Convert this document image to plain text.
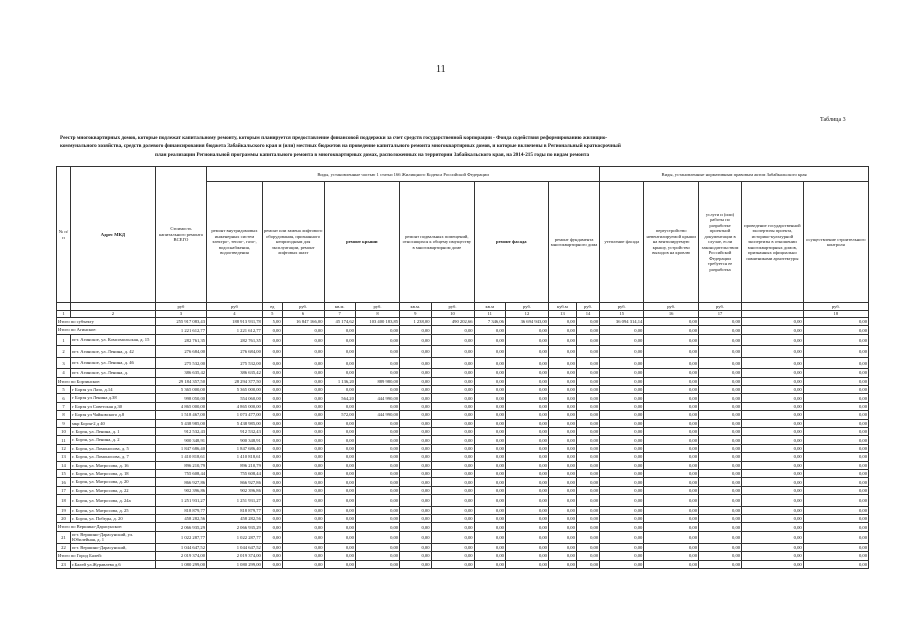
11
Таблица 3
Реестр многоквартирных домов, которые подлежат капитальному ремонту, которым планируется предоставление финансовой поддержки за счет средств государственной корпорации - Фонда содействия реформированию жилищно-
коммунального хозяйства, средств долевого финансирования бюджета Забайкальского края и (или) местных бюджетов на проведение капитального ремонта многоквартирных домов, и которые включены в Региональный краткосрочный
план реализации Региональной программы капитального ремонта в многоквартирных домах, расположенных на территории Забайкальского края, на 2014-215 годы по видам ремонта
№ п/п	Адрес МКД	Стоимость капитального ремонта ВСЕГО	Виды, установленные частью 1 статьи 166 Жилищного Кодекса Российской Федерации											Виды, установленные нормативным правовым актом Забайкальского края				
			ремонт внутридомовых инженерных систем электро-, тепло-, газо-, водоснабжения, водоотведения	ремонт или замена лифтового оборудования, признанного непригодным для эксплуатации, ремонт лифтовых шахт		ремонт крыши		ремонт подвальных помещений, относящихся к общему имуществу в многоквартирном доме		ремонт фасада		ремонт фундамента многоквартирного дома		утепление фасада	переустройство невентилируемой крыши на вентилируемую крышу, устройство выходов на кровлю	услуги и (или) работы по разработке проектной документации в случае, если законодательством Российской Федерации требуется ее разработка	проведение государственной экспертизы проекта, историко-культурной экспертизы в отношении многоквартирных домов, признанных официально памятниками архитектуры	осуществление строительного контроля
		руб	руб	ед	руб.	кв.м.	руб.	кв.м.	руб.	кв.м	руб.	куб.м	руб.	руб.	руб.	руб.		руб.
1	2	3	4	5	6	7	8	9	10	11	12	13	14	15	16	17		18
Итого по субъекту		255 917 083,43	188 913 931,78	5,00	16 847 166,00	45 174,62	103 400 183,85	1 238,00	490 202,66	7 346,06	36 694 943,00	0,00	0,00	36 094 314,14	0,00	0,00	0,00	0,00
Итого по Агинское:		1 221 612,77	1 221 612,77	0,00	0,00	0,00	0,00	0,00	0,00	0,00	0,00	0,00	0,00	0,00	0,00	0,00	0,00	0,00
1	пгт. Агинское, ул. Комсомольская, д. 15	282 761,35	282 761,35	0,00	0,00	0,00	0,00	0,00	0,00	0,00	0,00	0,00	0,00	0,00	0,00	0,00	0,00	0,00
2	пгт. Агинское, ул. Ленина, д. 42	276 684,00	276 684,00	0,00	0,00	0,00	0,00	0,00	0,00	0,00	0,00	0,00	0,00	0,00	0,00	0,00	0,00	0,00
3	пгт. Агинское, ул. Ленина, д. 46	275 532,00	275 532,00	0,00	0,00	0,00	0,00	0,00	0,00	0,00	0,00	0,00	0,00	0,00	0,00	0,00	0,00	0,00
4	пгт. Агинское, ул. Ленина, д.	386 635,42	386 635,42	0,00	0,00	0,00	0,00	0,00	0,00	0,00	0,00	0,00	0,00	0,00	0,00	0,00	0,00	0,00
Итого по Борзинское:		29 184 357,50	28 294 377,50	0,00	0,00	1 136,20	889 980,00	0,00	0,00	0,00	0,00	0,00	0,00	0,00	0,00	0,00	0,00	0,00
5	г Борзя ул Лазо, д.14	5 365 000,00	5 365 000,00	0,00	0,00	0,00	0,00	0,00	0,00	0,00	0,00	0,00	0,00	0,00	0,00	0,00	0,00	0,00
6	г Борзя ул Ленина д.38	998 050,00	554 060,00	0,00	0,00	564,20	444 990,00	0,00	0,00	0,00	0,00	0,00	0,00	0,00	0,00	0,00	0,00	0,00
7	г Борзя ул Советская д.30	4 865 000,00	4 865 000,00	0,00	0,00	0,00	0,00	0,00	0,00	0,00	0,00	0,00	0,00	0,00	0,00	0,00	0,00	0,00
8	г Борзя ул Чайковского д.8	1 518 467,00	1 073 477,00	0,00	0,00	572,00	444 990,00	0,00	0,00	0,00	0,00	0,00	0,00	0,00	0,00	0,00	0,00	0,00
9	мкр Борзя-2 д 40	5 438 985,00	5 438 985,00	0,00	0,00	0,00	0,00	0,00	0,00	0,00	0,00	0,00	0,00	0,00	0,00	0,00	0,00	0,00
10	г. Борзя, ул. Ленина, д. 1	912 532,43	912 532,43	0,00	0,00	0,00	0,00	0,00	0,00	0,00	0,00	0,00	0,00	0,00	0,00	0,00	0,00	0,00
11	г. Борзя, ул. Ленина, д. 2	900 348,91	900 348,91	0,00	0,00	0,00	0,00	0,00	0,00	0,00	0,00	0,00	0,00	0,00	0,00	0,00	0,00	0,00
12	г. Борзя, ул. Ломоносова, д. 5	1 847 686,40	1 847 686,40	0,00	0,00	0,00	0,00	0,00	0,00	0,00	0,00	0,00	0,00	0,00	0,00	0,00	0,00	0,00
13	г. Борзя, ул. Ломоносова, д. 7	1 410 818,61	1 410 818,61	0,00	0,00	0,00	0,00	0,00	0,00	0,00	0,00	0,00	0,00	0,00	0,00	0,00	0,00	0,00
14	г. Борзя, ул. Матросова, д. 16	896 210,79	896 210,79	0,00	0,00	0,00	0,00	0,00	0,00	0,00	0,00	0,00	0,00	0,00	0,00	0,00	0,00	0,00
15	г. Борзя, ул. Матросова, д. 18	755 608,44	755 608,44	0,00	0,00	0,00	0,00	0,00	0,00	0,00	0,00	0,00	0,00	0,00	0,00	0,00	0,00	0,00
16	г. Борзя, ул. Матросова, д. 20	866 927,86	866 927,86	0,00	0,00	0,00	0,00	0,00	0,00	0,00	0,00	0,00	0,00	0,00	0,00	0,00	0,00	0,00
17	г. Борзя, ул. Матросова, д. 22	902 396,86	902 396,86	0,00	0,00	0,00	0,00	0,00	0,00	0,00	0,00	0,00	0,00	0,00	0,00	0,00	0,00	0,00
18	г. Борзя, ул. Матросова, д. 24а	1 251 931,27	1 251 931,27	0,00	0,00	0,00	0,00	0,00	0,00	0,00	0,00	0,00	0,00	0,00	0,00	0,00	0,00	0,00
19	г. Борзя, ул. Матросова, д. 25	818 879,77	818 879,77	0,00	0,00	0,00	0,00	0,00	0,00	0,00	0,00	0,00	0,00	0,00	0,00	0,00	0,00	0,00
20	г. Борзя, ул. Победы, д. 20	458 282,56	458 282,56	0,00	0,00	0,00	0,00	0,00	0,00	0,00	0,00	0,00	0,00	0,00	0,00	0,00	0,00	0,00
Итого по Вершино-Дарасунское:		2 066 935,29	2 066 935,29	0,00	0,00	0,00	0,00	0,00	0,00	0,00	0,00	0,00	0,00	0,00	0,00	0,00	0,00	0,00
21	пгт. Вершино-Дарасунский, ул. Юбилейная, д. 1	1 022 287,77	1 022 287,77	0,00	0,00	0,00	0,00	0,00	0,00	0,00	0,00	0,00	0,00	0,00	0,00	0,00	0,00	0,00
22	пгт. Вершино-Дарасунский,	1 044 647,52	1 044 647,52	0,00	0,00	0,00	0,00	0,00	0,00	0,00	0,00	0,00	0,00	0,00	0,00	0,00	0,00	0,00
Итого по Город Балей:		2 019 374,00	2 019 374,00	0,00	0,00	0,00	0,00	0,00	0,00	0,00	0,00	0,00	0,00	0,00	0,00	0,00	0,00	0,00
23	г.Балей ул.Журавлева д.6	1 080 299,00	1 080 299,00	0,00	0,00	0,00	0,00	0,00	0,00	0,00	0,00	0,00	0,00	0,00	0,00	0,00	0,00	0,00
